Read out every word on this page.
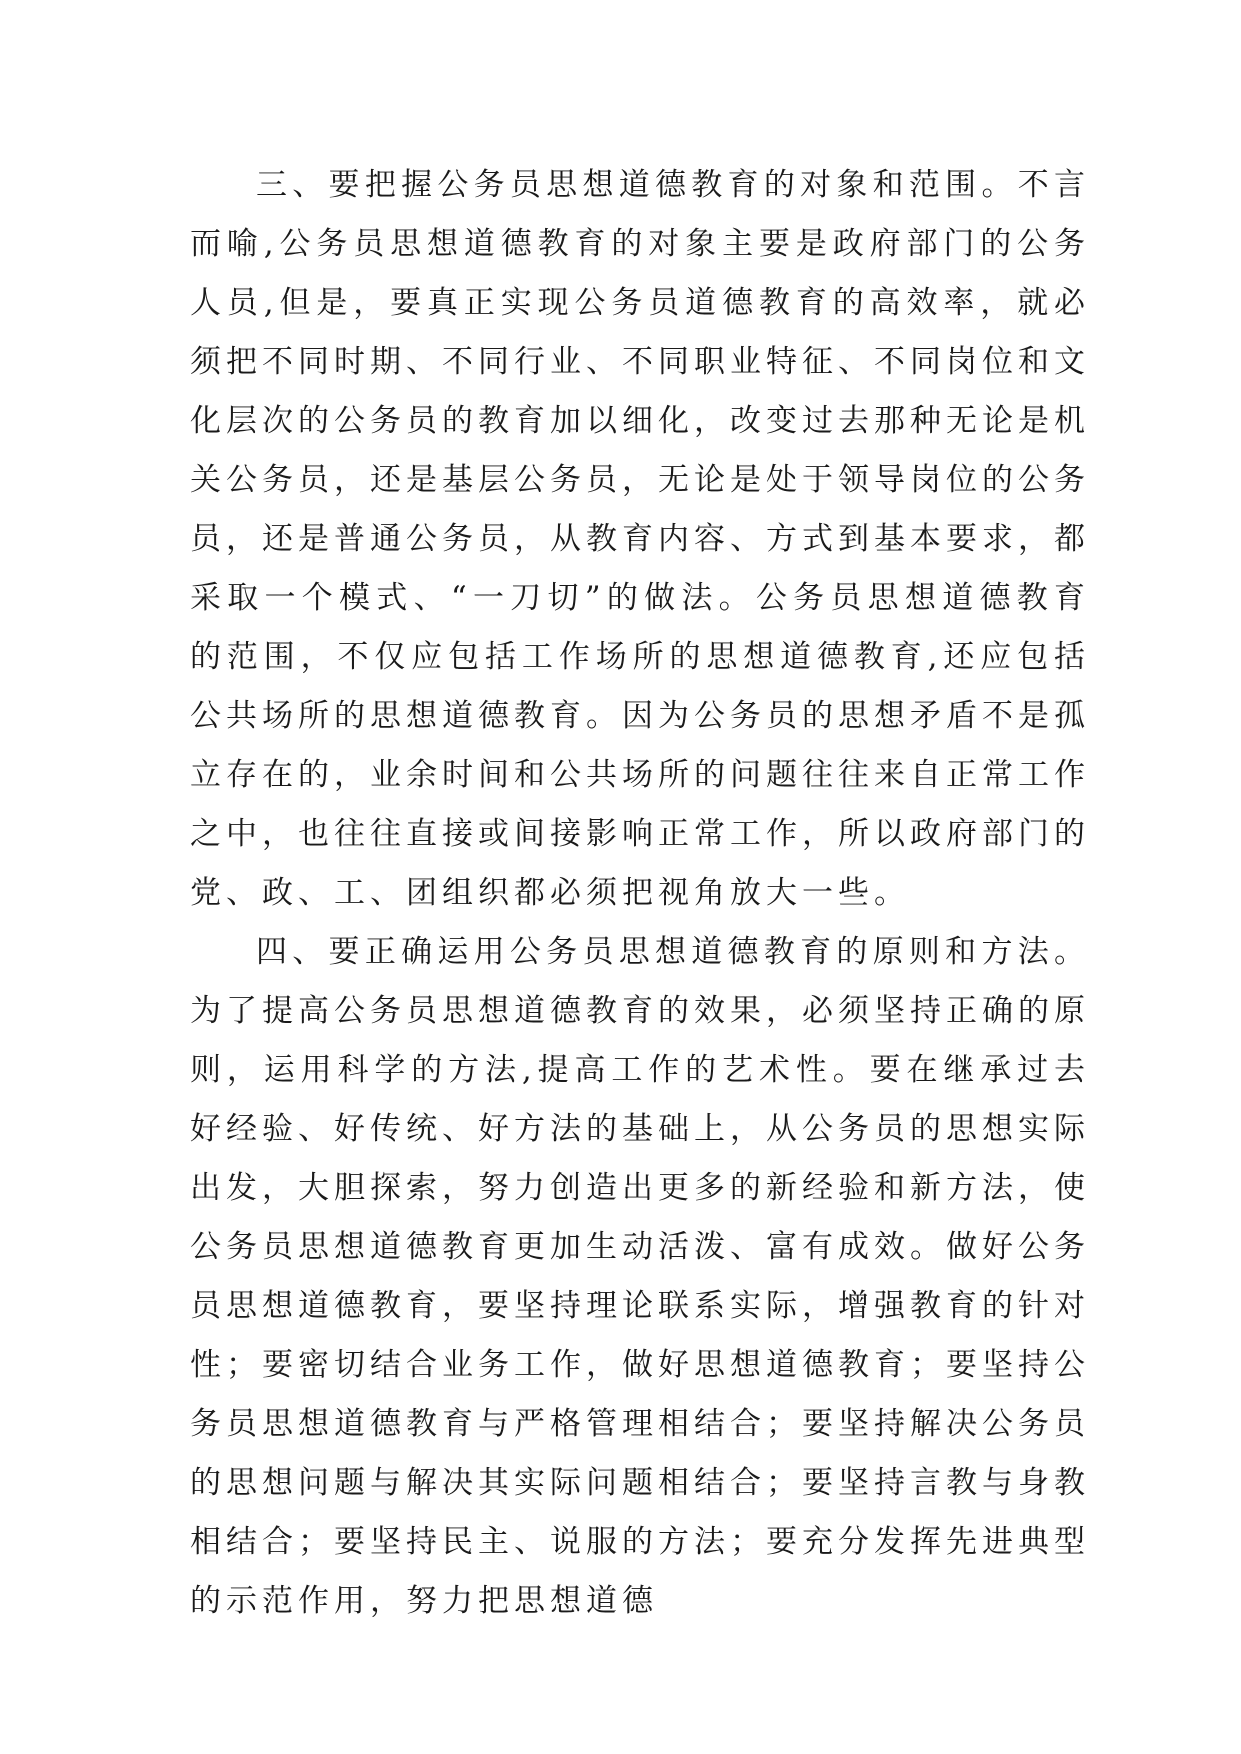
三、要把握公务员思想道德教育的对象和范围。不言而喻,公务员思想道德教育的对象主要是政府部门的公务人员,但是，要真正实现公务员道德教育的高效率，就必须把不同时期、不同行业、不同职业特征、不同岗位和文化层次的公务员的教育加以细化，改变过去那种无论是机关公务员，还是基层公务员，无论是处于领导岗位的公务员，还是普通公务员，从教育内容、方式到基本要求，都采取一个模式、“一刀切”的做法。公务员思想道德教育的范围，不仅应包括工作场所的思想道德教育,还应包括公共场所的思想道德教育。因为公务员的思想矛盾不是孤立存在的，业余时间和公共场所的问题往往来自正常工作之中，也往往直接或间接影响正常工作，所以政府部门的党、政、工、团组织都必须把视角放大一些。

四、要正确运用公务员思想道德教育的原则和方法。为了提高公务员思想道德教育的效果，必须坚持正确的原则，运用科学的方法,提高工作的艺术性。要在继承过去好经验、好传统、好方法的基础上，从公务员的思想实际出发，大胆探索，努力创造出更多的新经验和新方法，使公务员思想道德教育更加生动活泼、富有成效。做好公务员思想道德教育，要坚持理论联系实际，增强教育的针对性；要密切结合业务工作，做好思想道德教育；要坚持公务员思想道德教育与严格管理相结合；要坚持解决公务员的思想问题与解决其实际问题相结合；要坚持言教与身教相结合；要坚持民主、说服的方法；要充分发挥先进典型的示范作用，努力把思想道德
